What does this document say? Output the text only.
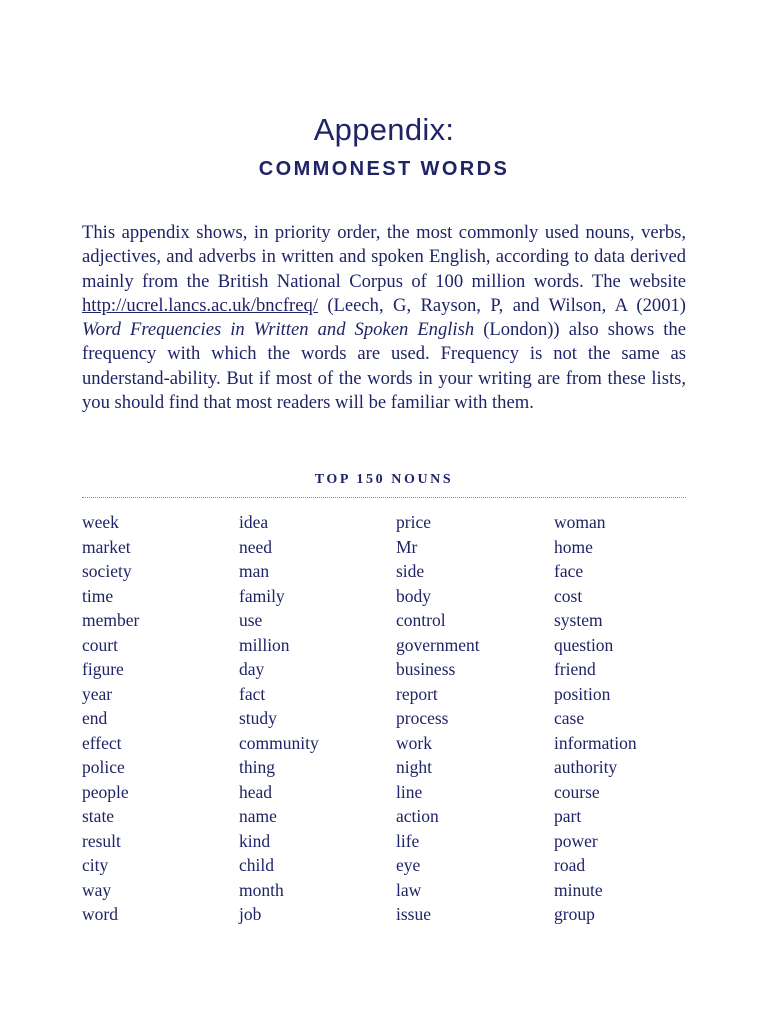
Appendix:
COMMONEST WORDS

This appendix shows, in priority order, the most commonly used nouns, verbs, adjectives, and adverbs in written and spoken English, according to data derived mainly from the British National Corpus of 100 million words. The website http://ucrel.lancs.ac.uk/bncfreq/ (Leech, G, Rayson, P, and Wilson, A (2001) Word Frequencies in Written and Spoken English (London)) also shows the frequency with which the words are used. Frequency is not the same as understand-ability. But if most of the words in your writing are from these lists, you should find that most readers will be familiar with them.

TOP 150 NOUNS
week	idea	price	woman
market	need	Mr	home
society	man	side	face
time	family	body	cost
member	use	control	system
court	million	government	question
figure	day	business	friend
year	fact	report	position
end	study	process	case
effect	community	work	information
police	thing	night	authority
people	head	line	course
state	name	action	part
result	kind	life	power
city	child	eye	road
way	month	law	minute
word	job	issue	group
